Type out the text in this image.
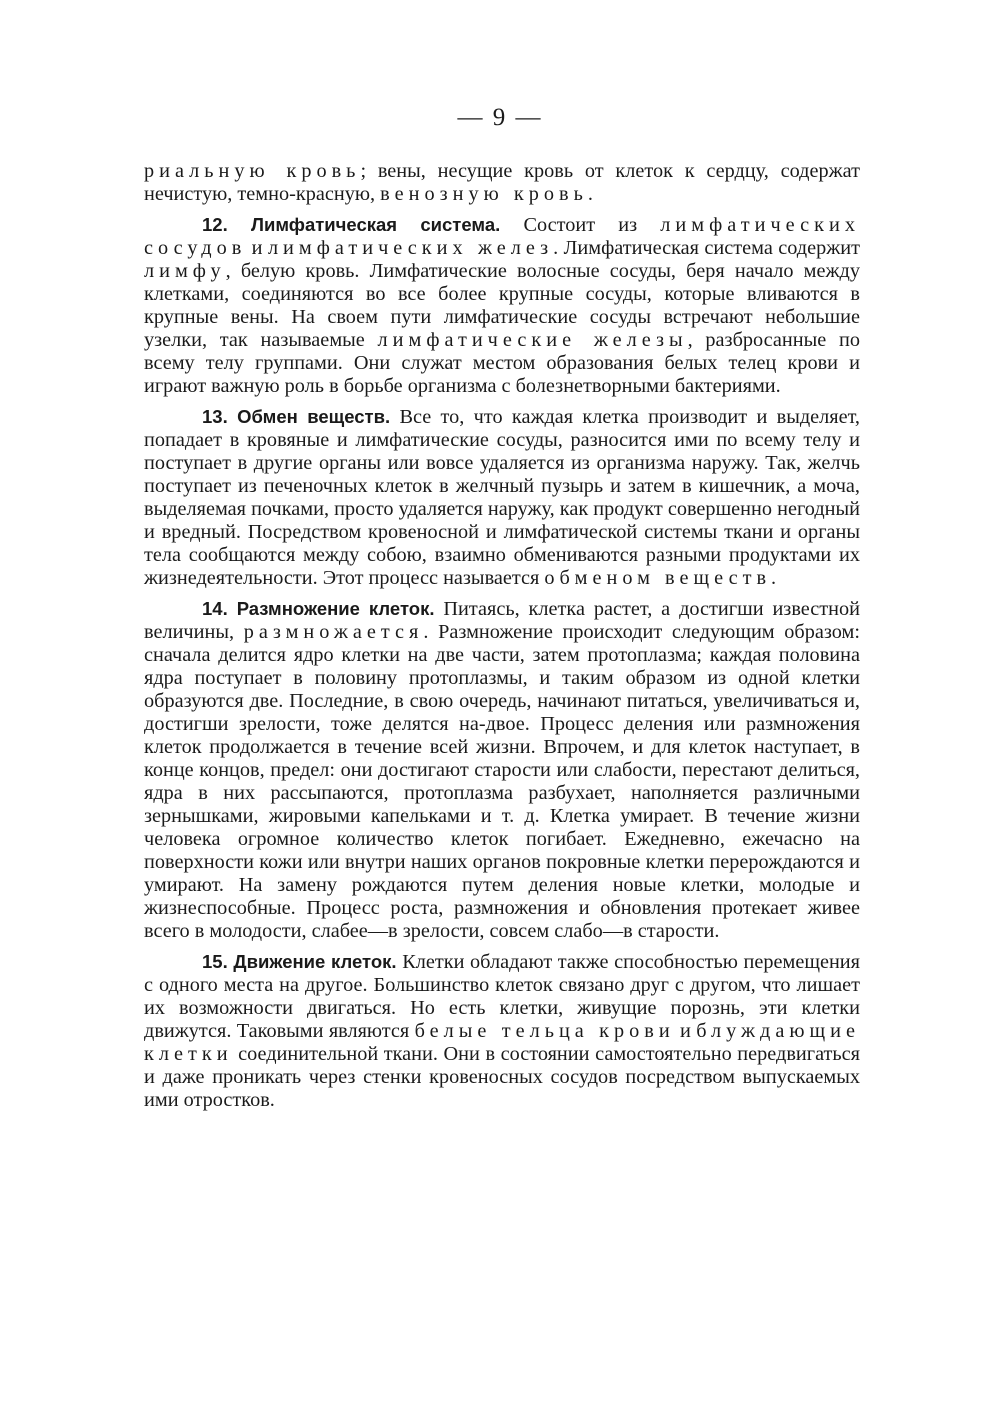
— 9 —

риальную кровь; вены, несущие кровь от клеток к сердцу, содержат нечистую, темно-красную, венозную кровь.

12. Лимфатическая система. Состоит из лимфатических сосудов и лимфатических желез. Лимфатическая система содержит лимфу, белую кровь. Лимфатические волосные сосуды, беря начало между клетками, соединяются во все более крупные сосуды, которые вливаются в крупные вены. На своем пути лимфатические сосуды встречают небольшие узелки, так называемые лимфатические железы, разбросанные по всему телу группами. Они служат местом образования белых телец крови и играют важную роль в борьбе организма с болезнетворными бактериями.

13. Обмен веществ. Все то, что каждая клетка производит и выделяет, попадает в кровяные и лимфатические сосуды, разносится ими по всему телу и поступает в другие органы или вовсе удаляется из организма наружу. Так, желчь поступает из печеночных клеток в желчный пузырь и затем в кишечник, а моча, выделяемая почками, просто удаляется наружу, как продукт совершенно негодный и вредный. Посредством кровеносной и лимфатической системы ткани и органы тела сообщаются между собою, взаимно обмениваются разными продуктами их жизнедеятельности. Этот процесс называется обменом веществ.

14. Размножение клеток. Питаясь, клетка растет, а достигши известной величины, размножается. Размножение происходит следующим образом: сначала делится ядро клетки на две части, затем протоплазма; каждая половина ядра поступает в половину протоплазмы, и таким образом из одной клетки образуются две. Последние, в свою очередь, начинают питаться, увеличиваться и, достигши зрелости, тоже делятся на-двое. Процесс деления или размножения клеток продолжается в течение всей жизни. Впрочем, и для клеток наступает, в конце концов, предел: они достигают старости или слабости, перестают делиться, ядра в них рассыпаются, протоплазма разбухает, наполняется различными зернышками, жировыми капельками и т. д. Клетка умирает. В течение жизни человека огромное количество клеток погибает. Ежедневно, ежечасно на поверхности кожи или внутри наших органов покровные клетки перерождаются и умирают. На замену рождаются путем деления новые клетки, молодые и жизнеспособные. Процесс роста, размножения и обновления протекает живее всего в молодости, слабее—в зрелости, совсем слабо—в старости.

15. Движение клеток. Клетки обладают также способностью перемещения с одного места на другое. Большинство клеток связано друг с другом, что лишает их возможности двигаться. Но есть клетки, живущие порознь, эти клетки движутся. Таковыми являются белые тельца крови и блуждающие клетки соединительной ткани. Они в состоянии самостоятельно передвигаться и даже проникать через стенки кровеносных сосудов посредством выпускаемых ими отростков.
